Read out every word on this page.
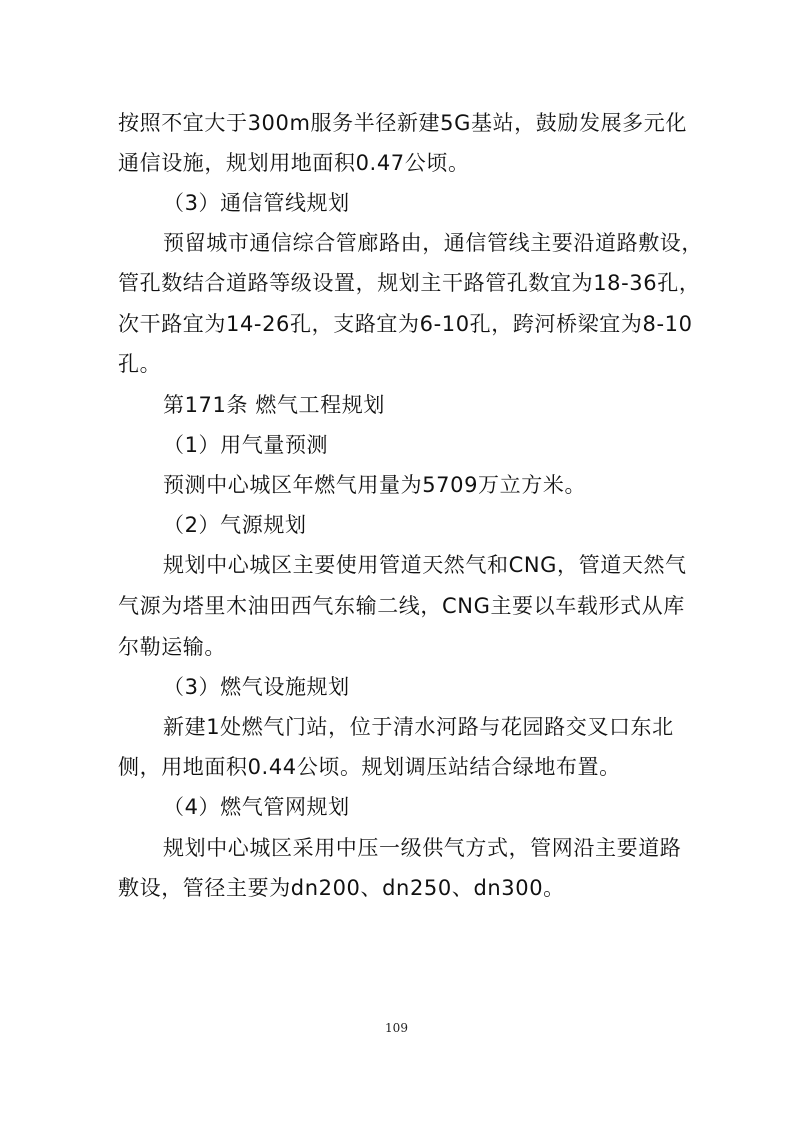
按照不宜大于300m服务半径新建5G基站，鼓励发展多元化
通信设施，规划用地面积0.47公顷。
（3）通信管线规划
预留城市通信综合管廊路由，通信管线主要沿道路敷设，
管孔数结合道路等级设置，规划主干路管孔数宜为18-36孔，
次干路宜为14-26孔，支路宜为6-10孔，跨河桥梁宜为8-10
孔。
第171条 燃气工程规划
（1）用气量预测
预测中心城区年燃气用量为5709万立方米。
（2）气源规划
规划中心城区主要使用管道天然气和CNG，管道天然气
气源为塔里木油田西气东输二线，CNG主要以车载形式从库
尔勒运输。
（3）燃气设施规划
新建1处燃气门站，位于清水河路与花园路交叉口东北
侧，用地面积0.44公顷。规划调压站结合绿地布置。
（4）燃气管网规划
规划中心城区采用中压一级供气方式，管网沿主要道路
敷设，管径主要为dn200、dn250、dn300。
109
